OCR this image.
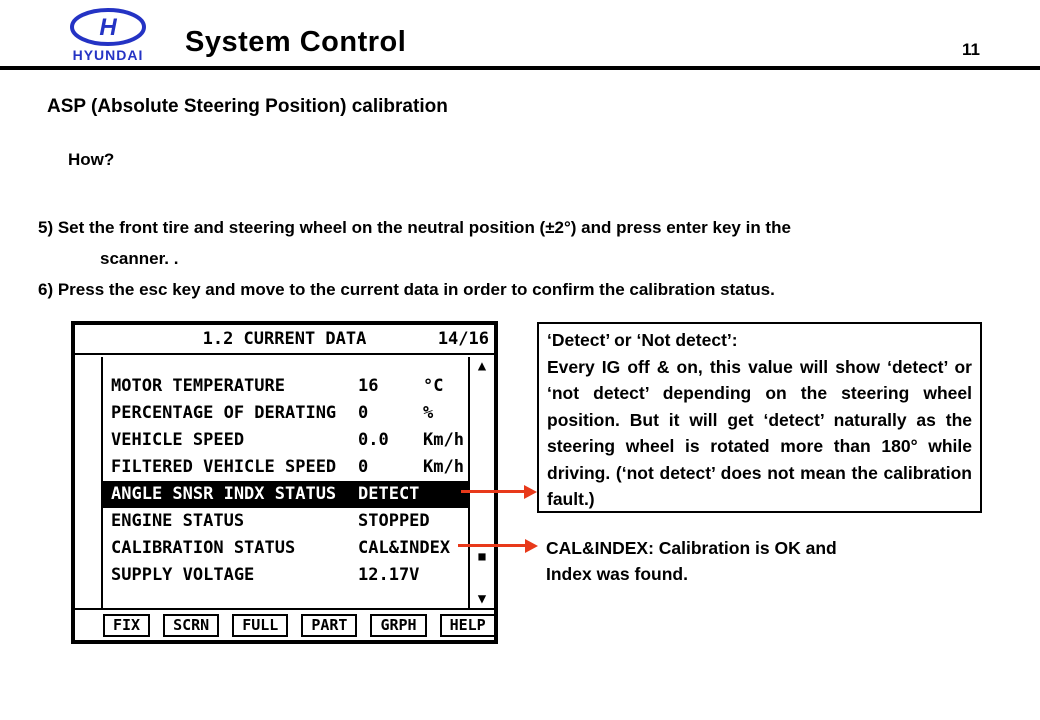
H
HYUNDAI	System Control	11
ASP (Absolute Steering Position) calibration
How?
5) Set the front tire and steering wheel on the neutral position (±2°) and press enter key in the
scanner. .
6) Press the esc key and move to the current data in order to confirm the calibration status.
1.2 CURRENT DATA	14/16
MOTOR TEMPERATURE	16	°C
PERCENTAGE OF DERATING	0	%
VEHICLE SPEED	0.0	Km/h
FILTERED VEHICLE SPEED	0	Km/h
ANGLE SNSR INDX STATUS	DETECT
ENGINE STATUS	STOPPED
CALIBRATION STATUS	CAL&INDEX
SUPPLY VOLTAGE	12.17V
▲
■
▼
FIX	SCRN	FULL	PART	GRPH	HELP
‘Detect’ or ‘Not detect’:
Every IG off & on, this value will show ‘detect’ or ‘not detect’ depending on the steering wheel position. But it will get ‘detect’ naturally as the steering wheel is rotated more than 180° while driving. (‘not detect’ does not mean the calibration fault.)
CAL&INDEX: Calibration is OK and
Index was found.
